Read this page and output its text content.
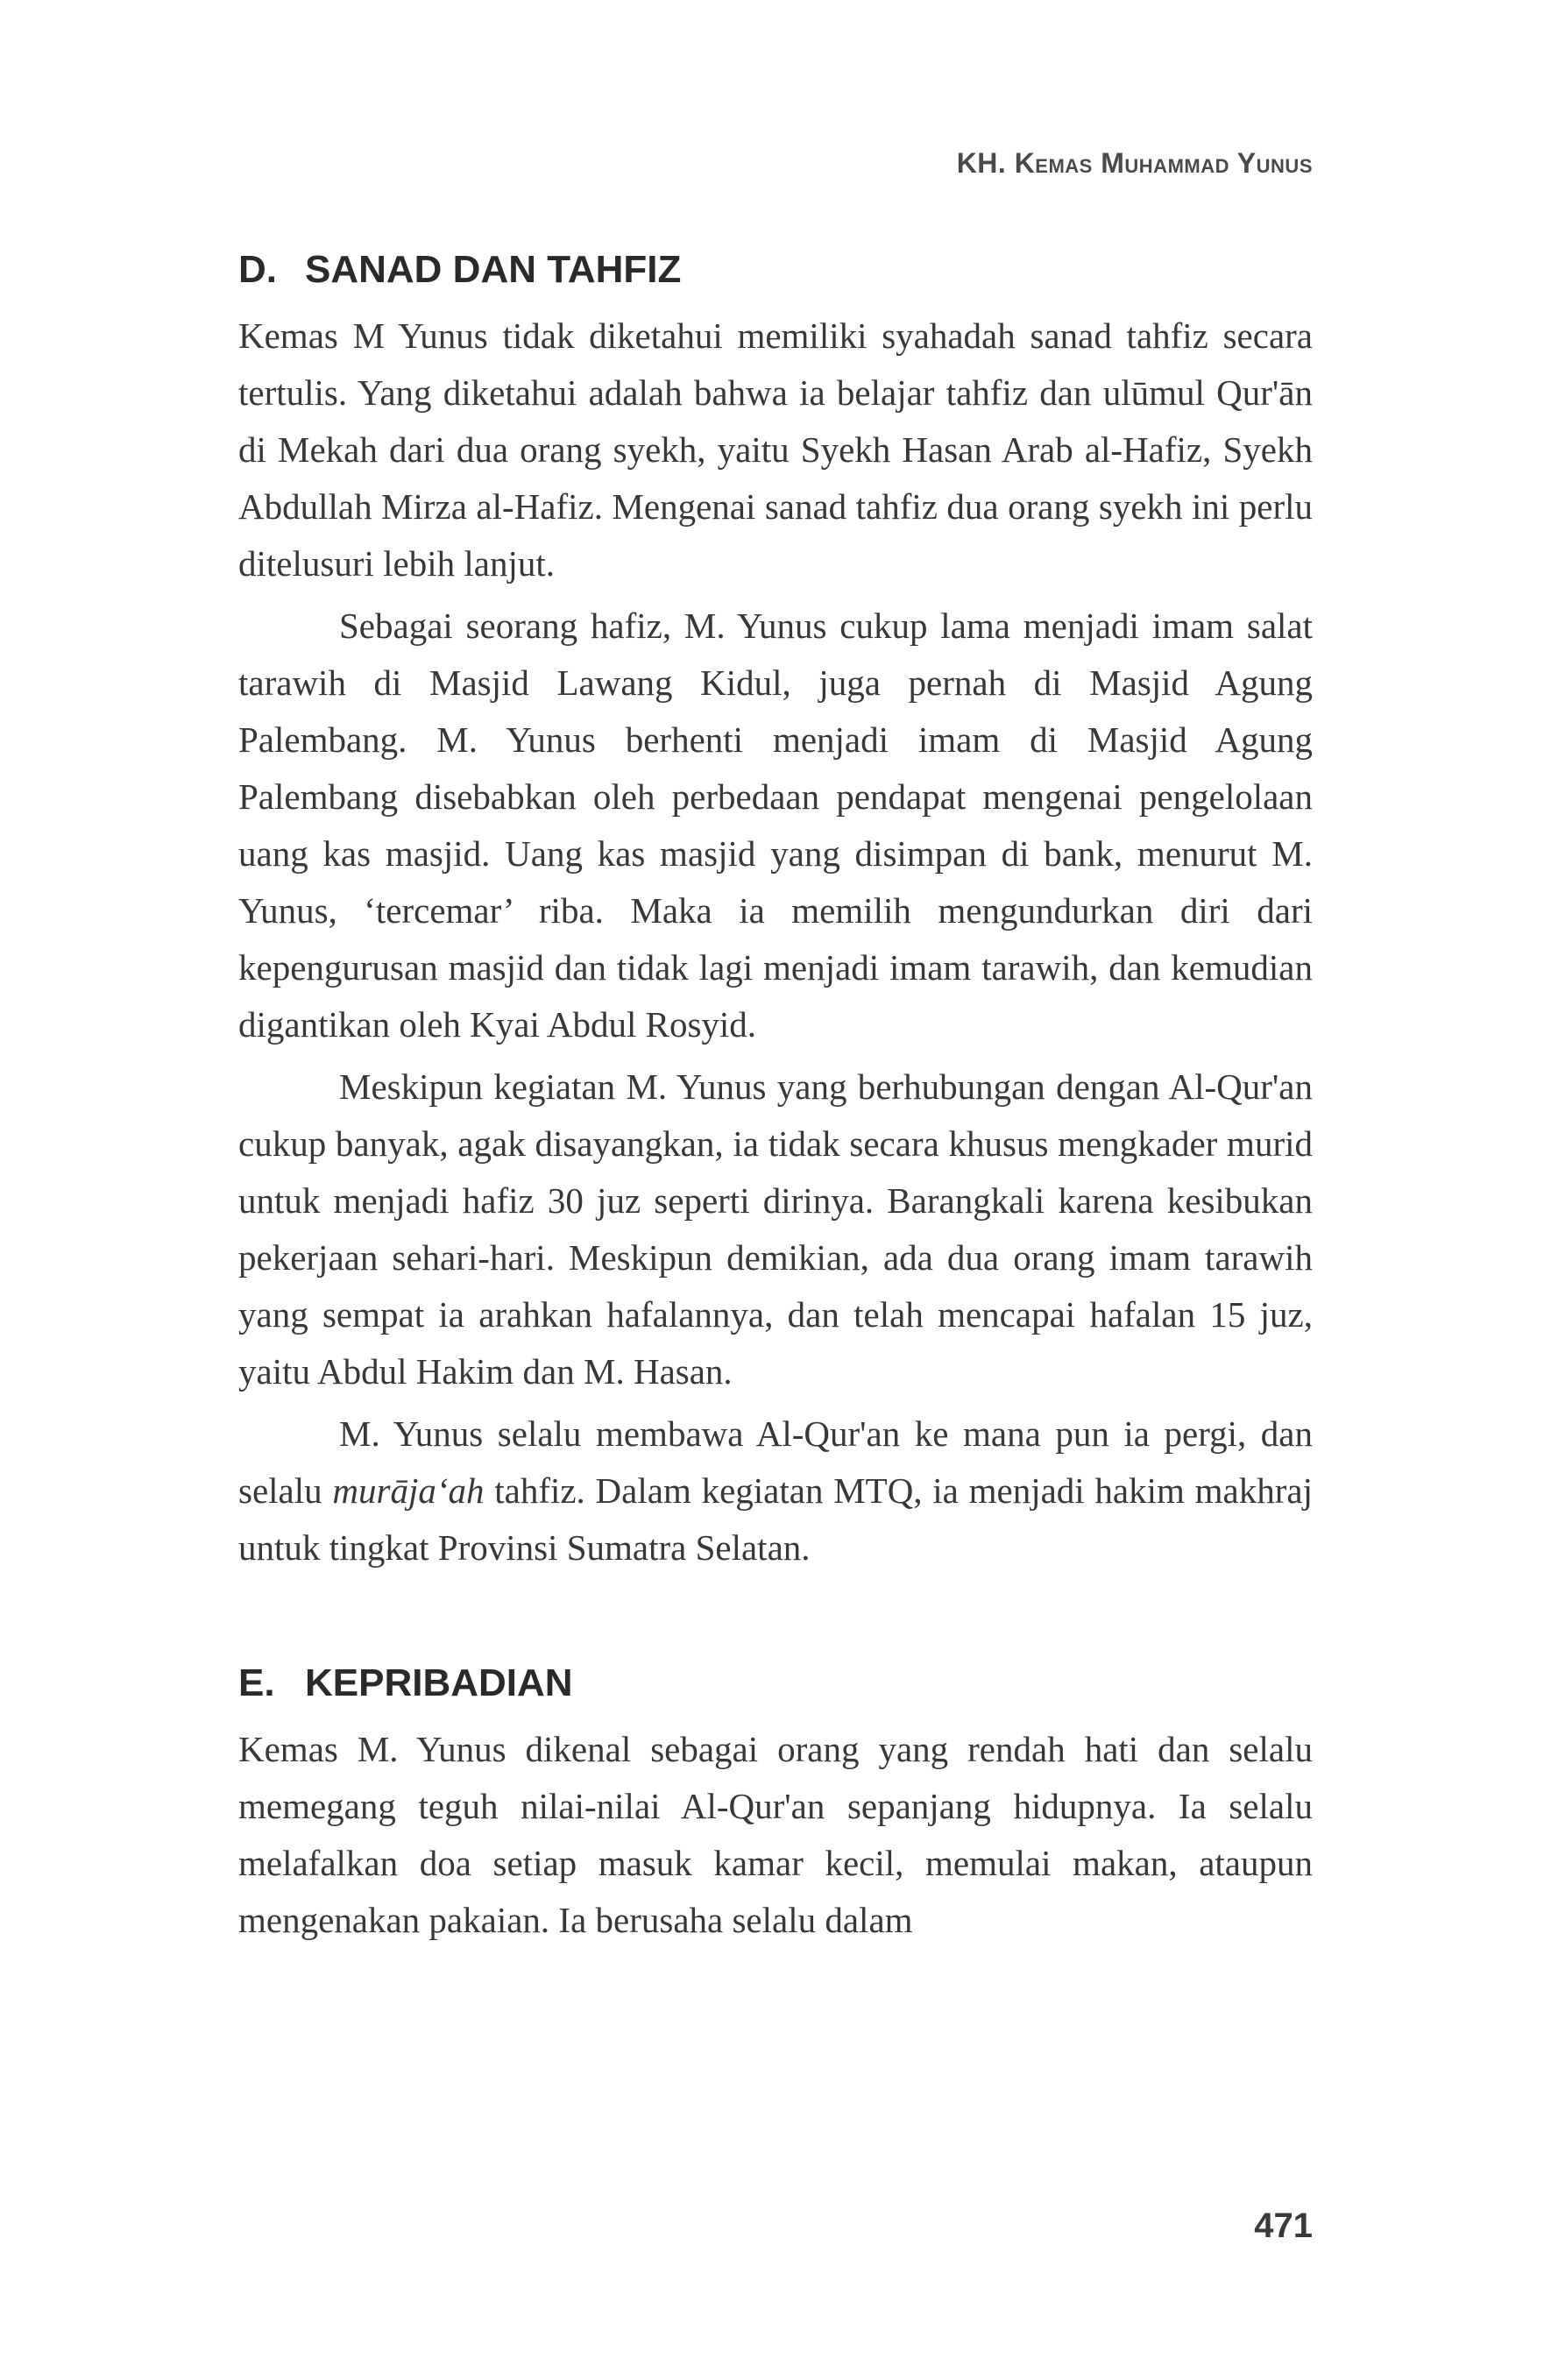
KH. Kemas Muhammad Yunus
D. SANAD DAN TAHFIZ

Kemas M Yunus tidak diketahui memiliki syahadah sanad tahfiz secara tertulis. Yang diketahui adalah bahwa ia belajar tahfiz dan ulūmul Qur'ān di Mekah dari dua orang syekh, yaitu Syekh Hasan Arab al-Hafiz, Syekh Abdullah Mirza al-Hafiz. Mengenai sanad tahfiz dua orang syekh ini perlu ditelusuri lebih lanjut.

Sebagai seorang hafiz, M. Yunus cukup lama menjadi imam salat tarawih di Masjid Lawang Kidul, juga pernah di Masjid Agung Palembang. M. Yunus berhenti menjadi imam di Masjid Agung Palembang disebabkan oleh perbedaan pendapat mengenai pengelolaan uang kas masjid. Uang kas masjid yang disimpan di bank, menurut M. Yunus, ‘tercemar’ riba. Maka ia memilih mengundurkan diri dari kepengurusan masjid dan tidak lagi menjadi imam tarawih, dan kemudian digantikan oleh Kyai Abdul Rosyid.

Meskipun kegiatan M. Yunus yang berhubungan dengan Al-Qur'an cukup banyak, agak disayangkan, ia tidak secara khusus mengkader murid untuk menjadi hafiz 30 juz seperti dirinya. Barangkali karena kesibukan pekerjaan sehari-hari. Meskipun demikian, ada dua orang imam tarawih yang sempat ia arahkan hafalannya, dan telah mencapai hafalan 15 juz, yaitu Abdul Hakim dan M. Hasan.

M. Yunus selalu membawa Al-Qur'an ke mana pun ia pergi, dan selalu murāja‘ah tahfiz. Dalam kegiatan MTQ, ia menjadi hakim makhraj untuk tingkat Provinsi Sumatra Selatan.

E. KEPRIBADIAN

Kemas M. Yunus dikenal sebagai orang yang rendah hati dan selalu memegang teguh nilai-nilai Al-Qur'an sepanjang hidupnya. Ia selalu melafalkan doa setiap masuk kamar kecil, memulai makan, ataupun mengenakan pakaian. Ia berusaha selalu dalam

471
